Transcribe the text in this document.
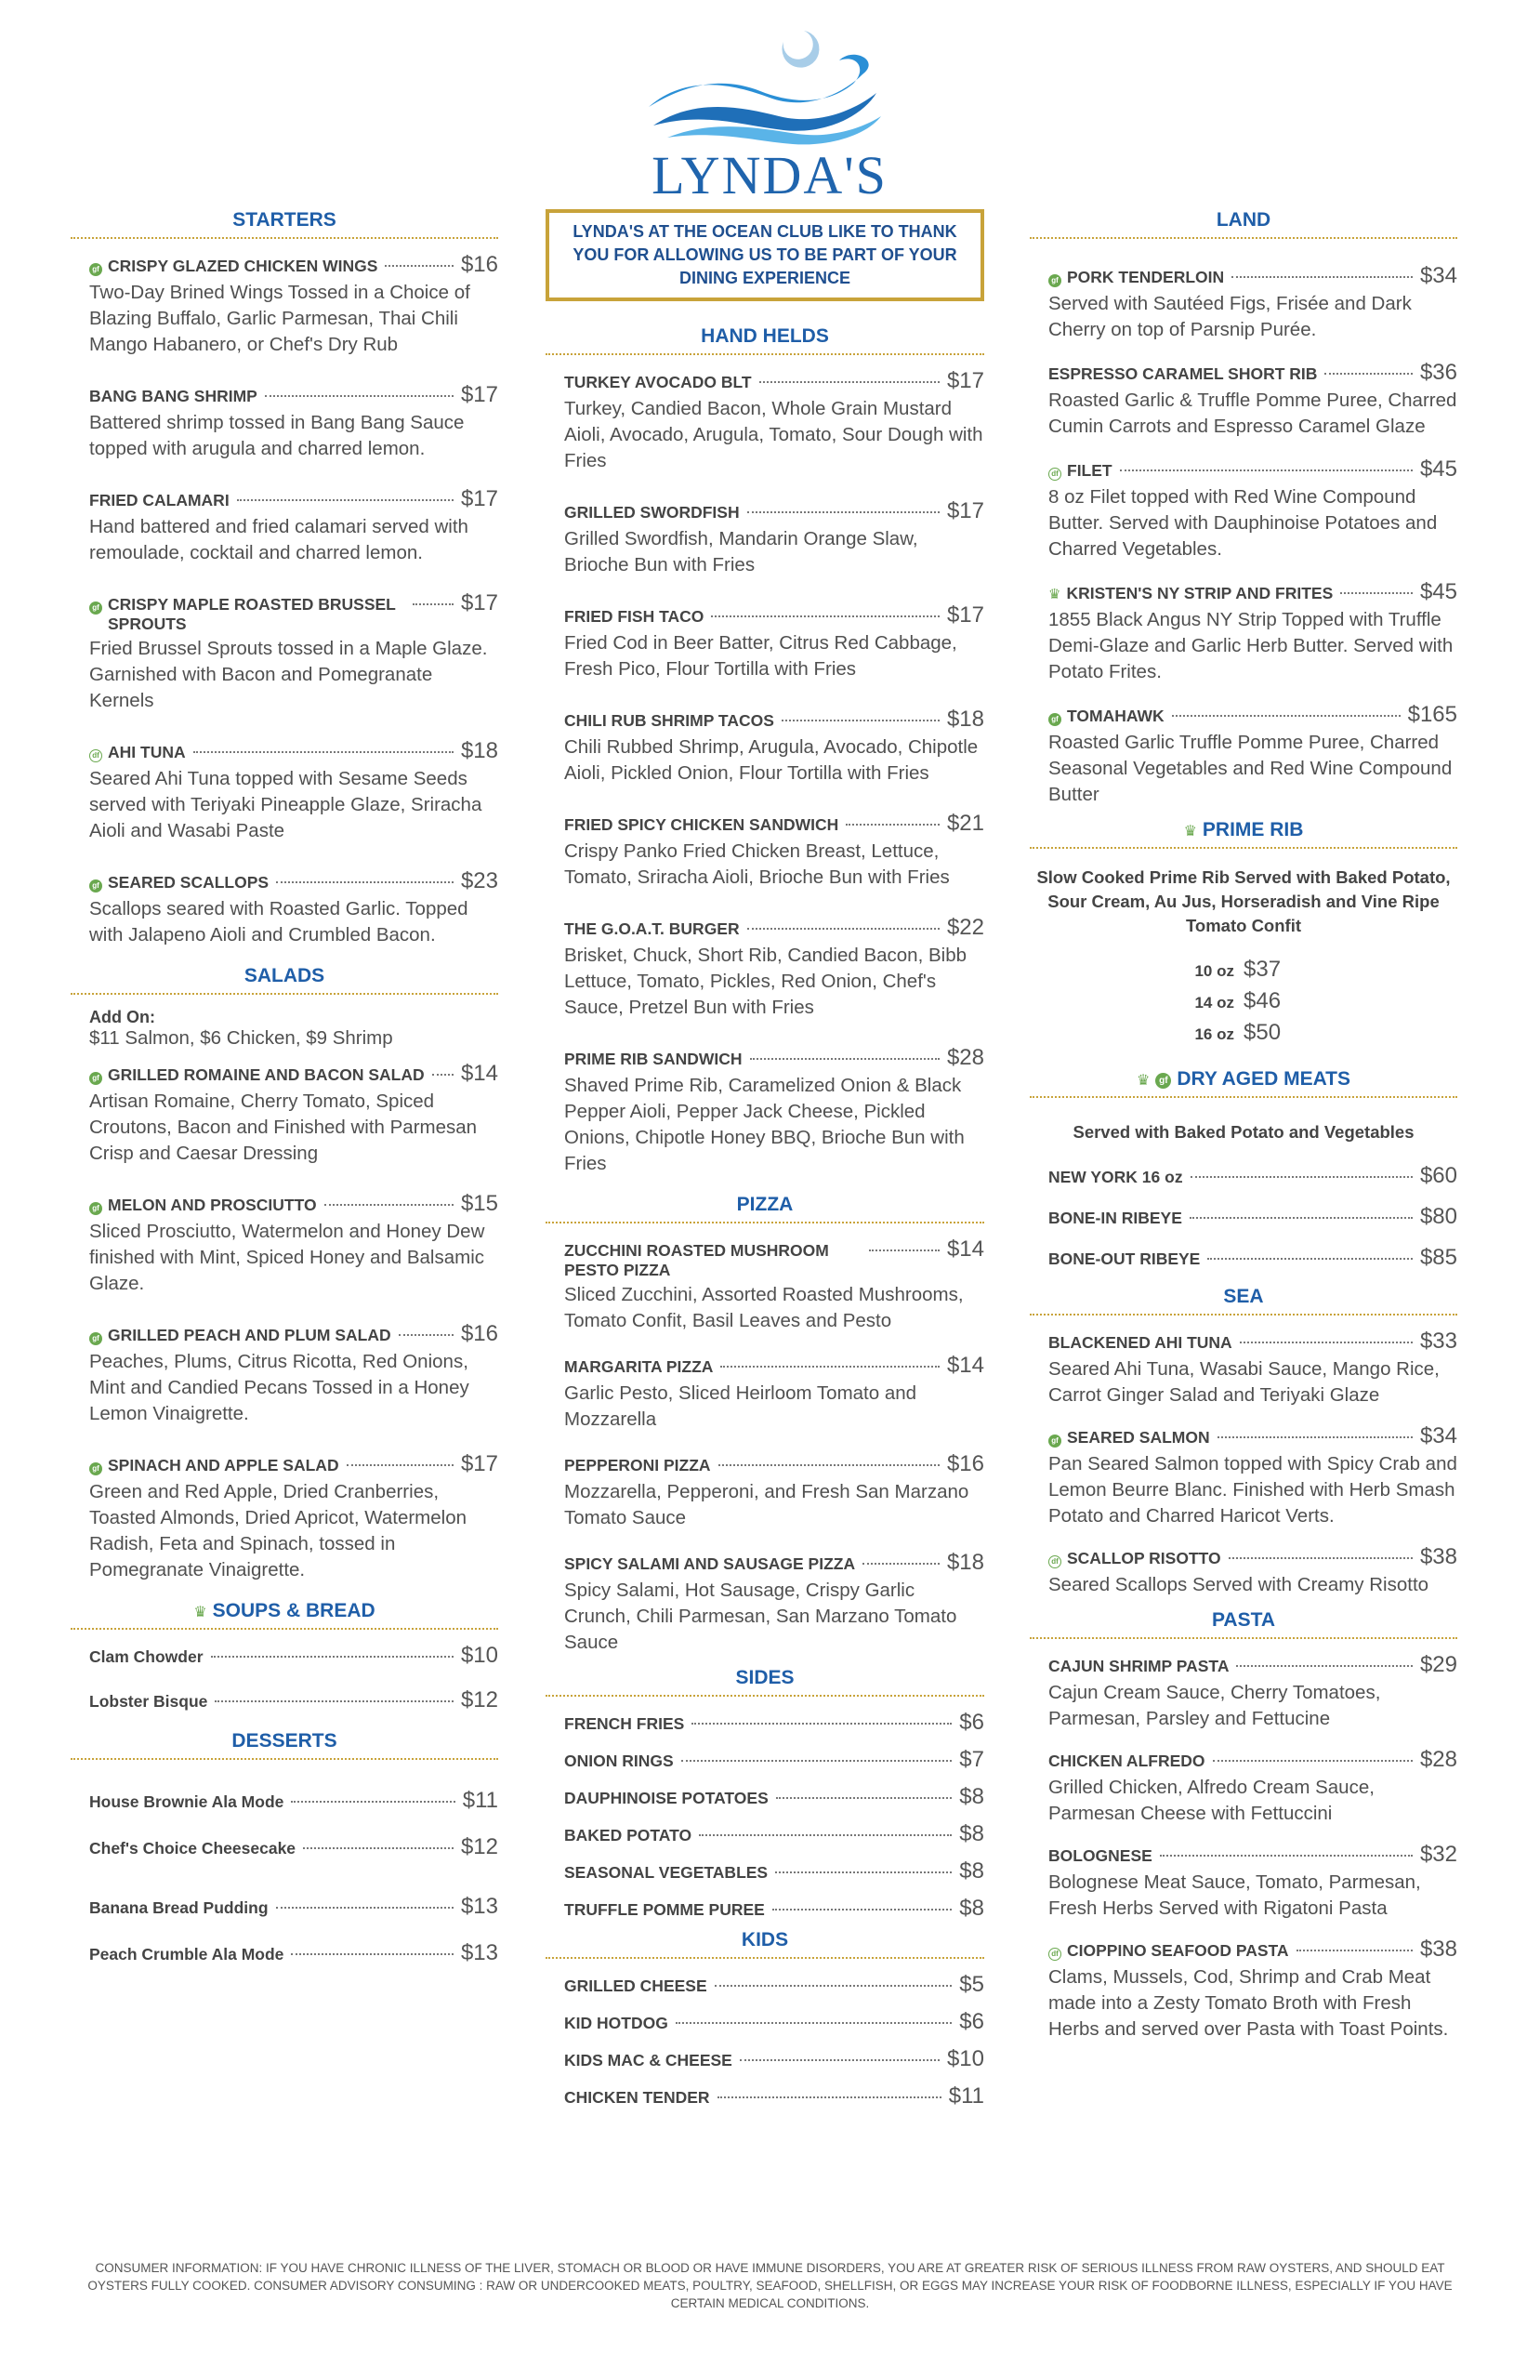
LYNDA'S
STARTERS
gf CRISPY GLAZED CHICKEN WINGS	$16
Two-Day Brined Wings Tossed in a Choice of Blazing Buffalo, Garlic Parmesan, Thai Chili Mango Habanero, or Chef's Dry Rub
BANG BANG SHRIMP	$17
Battered shrimp tossed in Bang Bang Sauce topped with arugula and charred lemon.
FRIED CALAMARI	$17
Hand battered and fried calamari served with remoulade, cocktail and charred lemon.
gf CRISPY MAPLE ROASTED BRUSSEL SPROUTS
$17
Fried Brussel Sprouts tossed in a Maple Glaze. Garnished with Bacon and Pomegranate Kernels
df AHI TUNA	$18
Seared Ahi Tuna topped with Sesame Seeds served with Teriyaki Pineapple Glaze, Sriracha Aioli and Wasabi Paste
gf SEARED SCALLOPS	$23
Scallops seared with Roasted Garlic. Topped with Jalapeno Aioli and Crumbled Bacon.
SALADS
Add On:
$11 Salmon, $6 Chicken, $9 Shrimp
gf GRILLED ROMAINE AND BACON SALAD $14
Artisan Romaine, Cherry Tomato, Spiced Croutons, Bacon and Finished with Parmesan Crisp and Caesar Dressing
gf MELON AND PROSCIUTTO	$15
Sliced Prosciutto, Watermelon and Honey Dew finished with Mint, Spiced Honey and Balsamic Glaze.
gf GRILLED PEACH AND PLUM SALAD	$16
Peaches, Plums, Citrus Ricotta, Red Onions, Mint and Candied Pecans Tossed in a Honey Lemon Vinaigrette.
gf SPINACH AND APPLE SALAD	$17
Green and Red Apple, Dried Cranberries, Toasted Almonds, Dried Apricot, Watermelon Radish, Feta and Spinach, tossed in Pomegranate Vinaigrette.
♛ SOUPS & BREAD
Clam Chowder	$10
Lobster Bisque	$12
DESSERTS
House Brownie Ala Mode	$11
Chef's Choice Cheesecake	$12
Banana Bread Pudding	$13
Peach Crumble Ala Mode	$13
LYNDA'S AT THE OCEAN CLUB LIKE TO THANK YOU FOR ALLOWING US TO BE PART OF YOUR DINING EXPERIENCE
HAND HELDS
TURKEY AVOCADO BLT	$17
Turkey, Candied Bacon, Whole Grain Mustard Aioli, Avocado, Arugula, Tomato, Sour Dough with Fries
GRILLED SWORDFISH	$17
Grilled Swordfish, Mandarin Orange Slaw, Brioche Bun with Fries
FRIED FISH TACO	$17
Fried Cod in Beer Batter, Citrus Red Cabbage, Fresh Pico, Flour Tortilla with Fries
CHILI RUB SHRIMP TACOS	$18
Chili Rubbed Shrimp, Arugula, Avocado, Chipotle Aioli, Pickled Onion, Flour Tortilla with Fries
FRIED SPICY CHICKEN SANDWICH	$21
Crispy Panko Fried Chicken Breast, Lettuce, Tomato, Sriracha Aioli, Brioche Bun with Fries
THE G.O.A.T. BURGER	$22
Brisket, Chuck, Short Rib, Candied Bacon, Bibb Lettuce, Tomato, Pickles, Red Onion, Chef's Sauce, Pretzel Bun with Fries
PRIME RIB SANDWICH	$28
Shaved Prime Rib, Caramelized Onion & Black Pepper Aioli, Pepper Jack Cheese, Pickled Onions, Chipotle Honey BBQ, Brioche Bun with Fries
PIZZA
ZUCCHINI ROASTED MUSHROOM PESTO PIZZA
$14
Sliced Zucchini, Assorted Roasted Mushrooms, Tomato Confit, Basil Leaves and Pesto
MARGARITA PIZZA	$14
Garlic Pesto, Sliced Heirloom Tomato and Mozzarella
PEPPERONI PIZZA	$16
Mozzarella, Pepperoni, and Fresh San Marzano Tomato Sauce
SPICY SALAMI AND SAUSAGE PIZZA	$18
Spicy Salami, Hot Sausage, Crispy Garlic Crunch, Chili Parmesan, San Marzano Tomato Sauce
SIDES
FRENCH FRIES	$6
ONION RINGS	$7
DAUPHINOISE POTATOES	$8
BAKED POTATO	$8
SEASONAL VEGETABLES	$8
TRUFFLE POMME PUREE	$8
KIDS
GRILLED CHEESE	$5
KID HOTDOG	$6
KIDS MAC & CHEESE	$10
CHICKEN TENDER	$11
LAND
gf PORK TENDERLOIN	$34
Served with Sautéed Figs, Frisée and Dark Cherry on top of Parsnip Purée.
ESPRESSO CARAMEL SHORT RIB	$36
Roasted Garlic & Truffle Pomme Puree, Charred Cumin Carrots and Espresso Caramel Glaze
df FILET	$45
8 oz Filet topped with Red Wine Compound Butter. Served with Dauphinoise Potatoes and Charred Vegetables.
♛ KRISTEN'S NY STRIP AND FRITES	$45
1855 Black Angus NY Strip Topped with Truffle Demi-Glaze and Garlic Herb Butter. Served with Potato Frites.
gf TOMAHAWK	$165
Roasted Garlic Truffle Pomme Puree, Charred Seasonal Vegetables and Red Wine Compound Butter
♛ PRIME RIB
Slow Cooked Prime Rib Served with Baked Potato, Sour Cream, Au Jus, Horseradish and Vine Ripe Tomato Confit
10 oz $37
14 oz $46
16 oz $50
♛ gf DRY AGED MEATS
Served with Baked Potato and Vegetables
NEW YORK 16 oz	$60
BONE-IN RIBEYE	$80
BONE-OUT RIBEYE	$85
SEA
BLACKENED AHI TUNA	$33
Seared Ahi Tuna, Wasabi Sauce, Mango Rice, Carrot Ginger Salad and Teriyaki Glaze
gf SEARED SALMON	$34
Pan Seared Salmon topped with Spicy Crab and Lemon Beurre Blanc. Finished with Herb Smash Potato and Charred Haricot Verts.
df SCALLOP RISOTTO	$38
Seared Scallops Served with Creamy Risotto
PASTA
CAJUN SHRIMP PASTA	$29
Cajun Cream Sauce, Cherry Tomatoes, Parmesan, Parsley and Fettucine
CHICKEN ALFREDO	$28
Grilled Chicken, Alfredo Cream Sauce, Parmesan Cheese with Fettuccini
BOLOGNESE	$32
Bolognese Meat Sauce, Tomato, Parmesan, Fresh Herbs Served with Rigatoni Pasta
df CIOPPINO SEAFOOD PASTA	$38
Clams, Mussels, Cod, Shrimp and Crab Meat made into a Zesty Tomato Broth with Fresh Herbs and served over Pasta with Toast Points.
CONSUMER INFORMATION: IF YOU HAVE CHRONIC ILLNESS OF THE LIVER, STOMACH OR BLOOD OR HAVE IMMUNE DISORDERS, YOU ARE AT GREATER RISK OF SERIOUS ILLNESS FROM RAW OYSTERS, AND SHOULD EAT OYSTERS FULLY COOKED. CONSUMER ADVISORY CONSUMING : RAW OR UNDERCOOKED MEATS, POULTRY, SEAFOOD, SHELLFISH, OR EGGS MAY INCREASE YOUR RISK OF FOODBORNE ILLNESS, ESPECIALLY IF YOU HAVE CERTAIN MEDICAL CONDITIONS.
